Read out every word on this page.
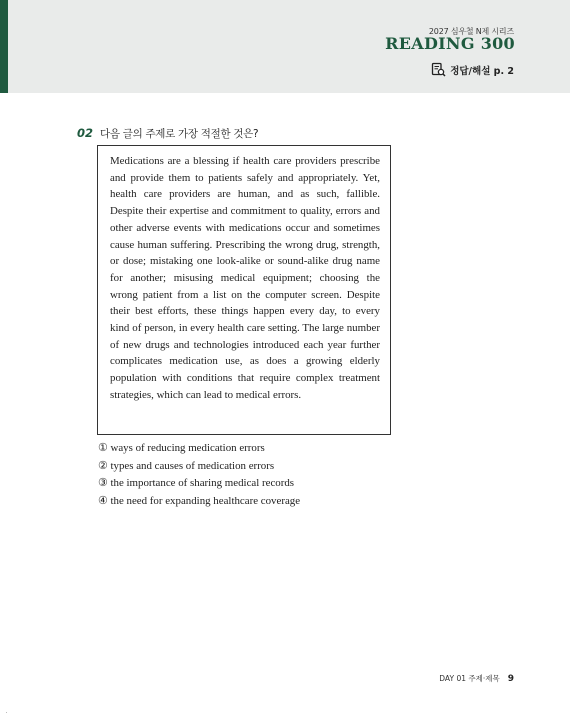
2027 심우철 N제 시리즈
READING 300
정답/해설 p. 2
02 다음 글의 주제로 가장 적절한 것은?

Medications are a blessing if health care providers prescribe and provide them to patients safely and appropriately. Yet, health care providers are human, and as such, fallible. Despite their expertise and commitment to quality, errors and other adverse events with medications occur and sometimes cause human suffering. Prescribing the wrong drug, strength, or dose; mistaking one look-alike or sound-alike drug name for another; misusing medical equipment; choosing the wrong patient from a list on the computer screen. Despite their best efforts, these things happen every day, to every kind of person, in every health care setting. The large number of new drugs and technologies introduced each year further complicates medication use, as does a growing elderly population with conditions that require complex treatment strategies, which can lead to medical errors.

① ways of reducing medication errors
② types and causes of medication errors
③ the importance of sharing medical records
④ the need for expanding healthcare coverage
DAY 01 주제·제목 9
